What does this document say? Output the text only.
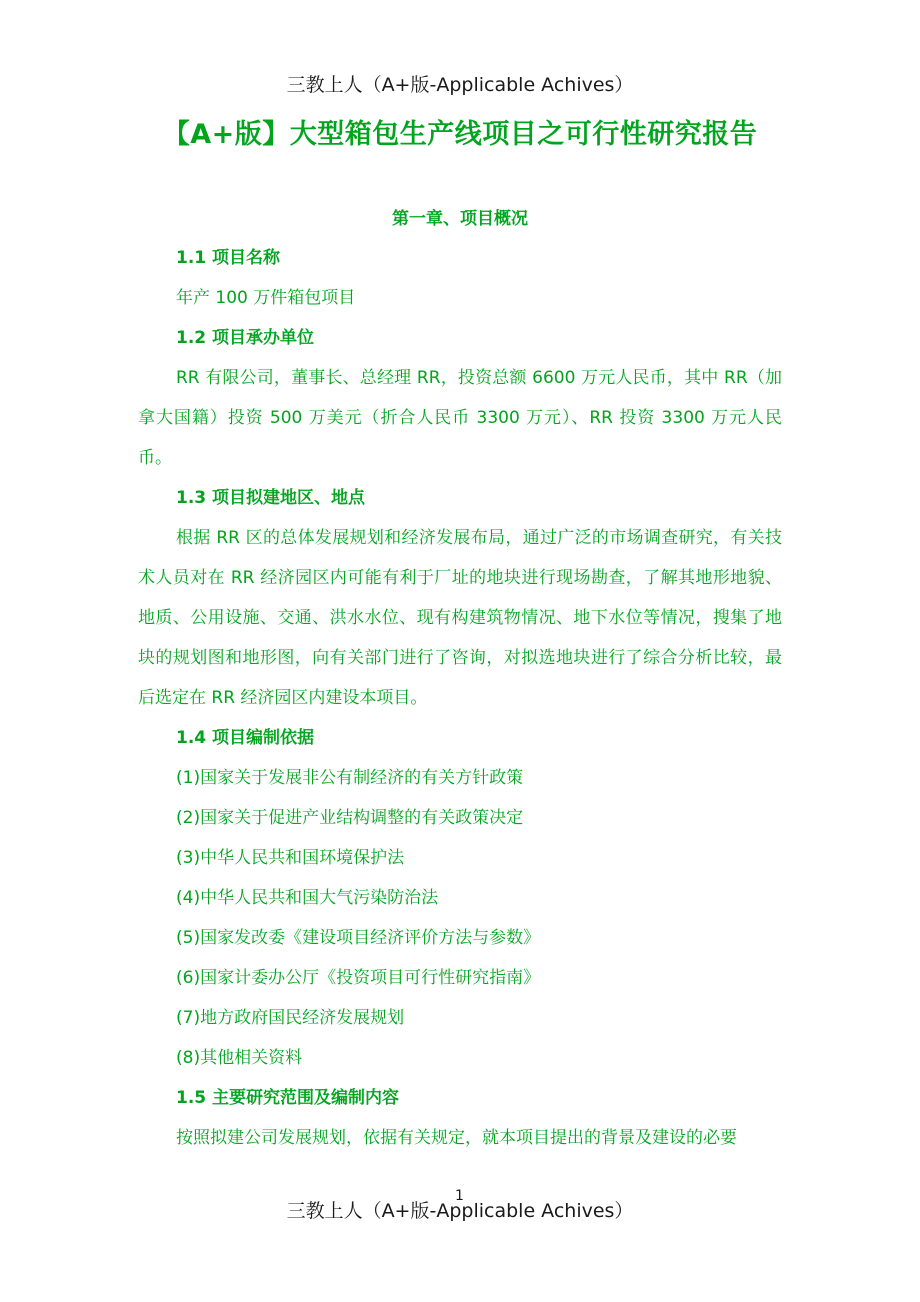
三教上人（A+版-Applicable Achives）
【A+版】大型箱包生产线项目之可行性研究报告
第一章、项目概况

1.1 项目名称

年产 100 万件箱包项目

1.2 项目承办单位

RR 有限公司，董事长、总经理 RR，投资总额 6600 万元人民币，其中 RR（加拿大国籍）投资 500 万美元（折合人民币 3300 万元）、RR 投资 3300 万元人民币。

1.3 项目拟建地区、地点

根据 RR 区的总体发展规划和经济发展布局，通过广泛的市场调查研究，有关技术人员对在 RR 经济园区内可能有利于厂址的地块进行现场勘查，了解其地形地貌、地质、公用设施、交通、洪水水位、现有构建筑物情况、地下水位等情况，搜集了地块的规划图和地形图，向有关部门进行了咨询，对拟选地块进行了综合分析比较，最后选定在 RR 经济园区内建设本项目。

1.4 项目编制依据

(1)国家关于发展非公有制经济的有关方针政策

(2)国家关于促进产业结构调整的有关政策决定

(3)中华人民共和国环境保护法

(4)中华人民共和国大气污染防治法

(5)国家发改委《建设项目经济评价方法与参数》

(6)国家计委办公厅《投资项目可行性研究指南》

(7)地方政府国民经济发展规划

(8)其他相关资料

1.5 主要研究范围及编制内容

按照拟建公司发展规划，依据有关规定，就本项目提出的背景及建设的必要

1
三教上人（A+版-Applicable Achives）
